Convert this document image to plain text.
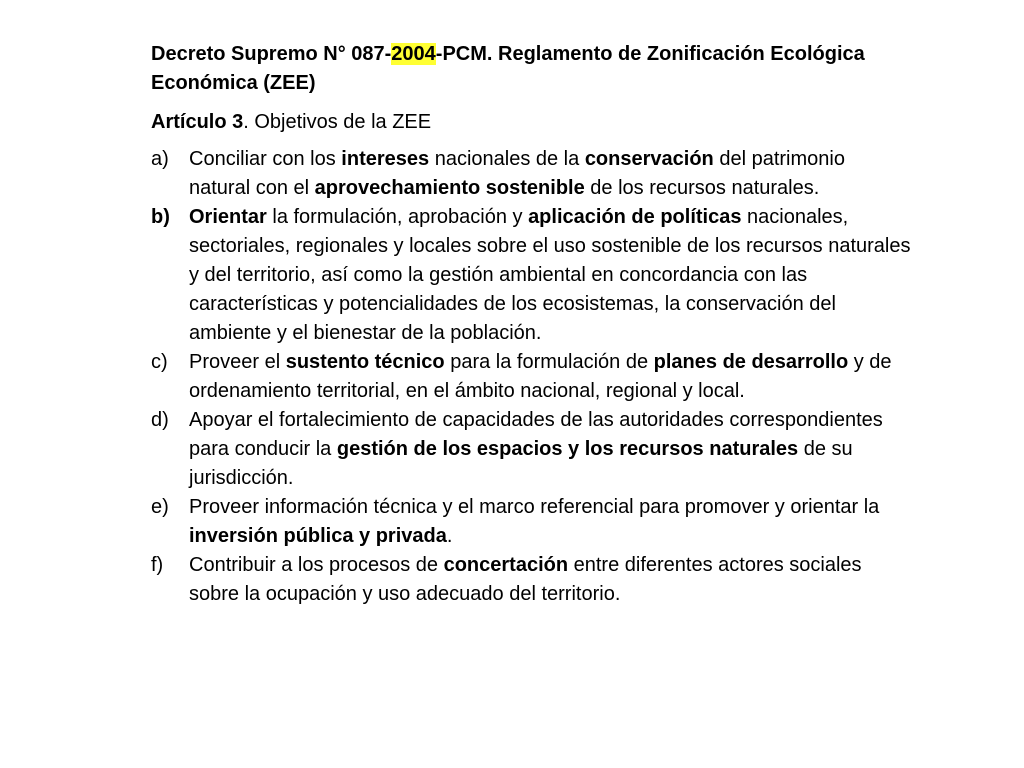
Decreto Supremo N° 087-2004-PCM. Reglamento de Zonificación Ecológica Económica (ZEE)

Artículo 3. Objetivos de la ZEE

a)	Conciliar con los intereses nacionales de la conservación del patrimonio natural con el aprovechamiento sostenible de los recursos naturales.
b) Orientar la formulación, aprobación y aplicación de políticas nacionales, sectoriales, regionales y locales sobre el uso sostenible de los recursos naturales y del territorio, así como la gestión ambiental en concordancia con las características y potencialidades de los ecosistemas, la conservación del ambiente y el bienestar de la población.
c)	Proveer el sustento técnico para la formulación de planes de desarrollo y de ordenamiento territorial, en el ámbito nacional, regional y local.
d)	Apoyar el fortalecimiento de capacidades de las autoridades correspondientes para conducir la gestión de los espacios y los recursos naturales de su jurisdicción.
e)	Proveer información técnica y el marco referencial para promover y orientar la inversión pública y privada.
f)	Contribuir a los procesos de concertación entre diferentes actores sociales sobre la ocupación y uso adecuado del territorio.
